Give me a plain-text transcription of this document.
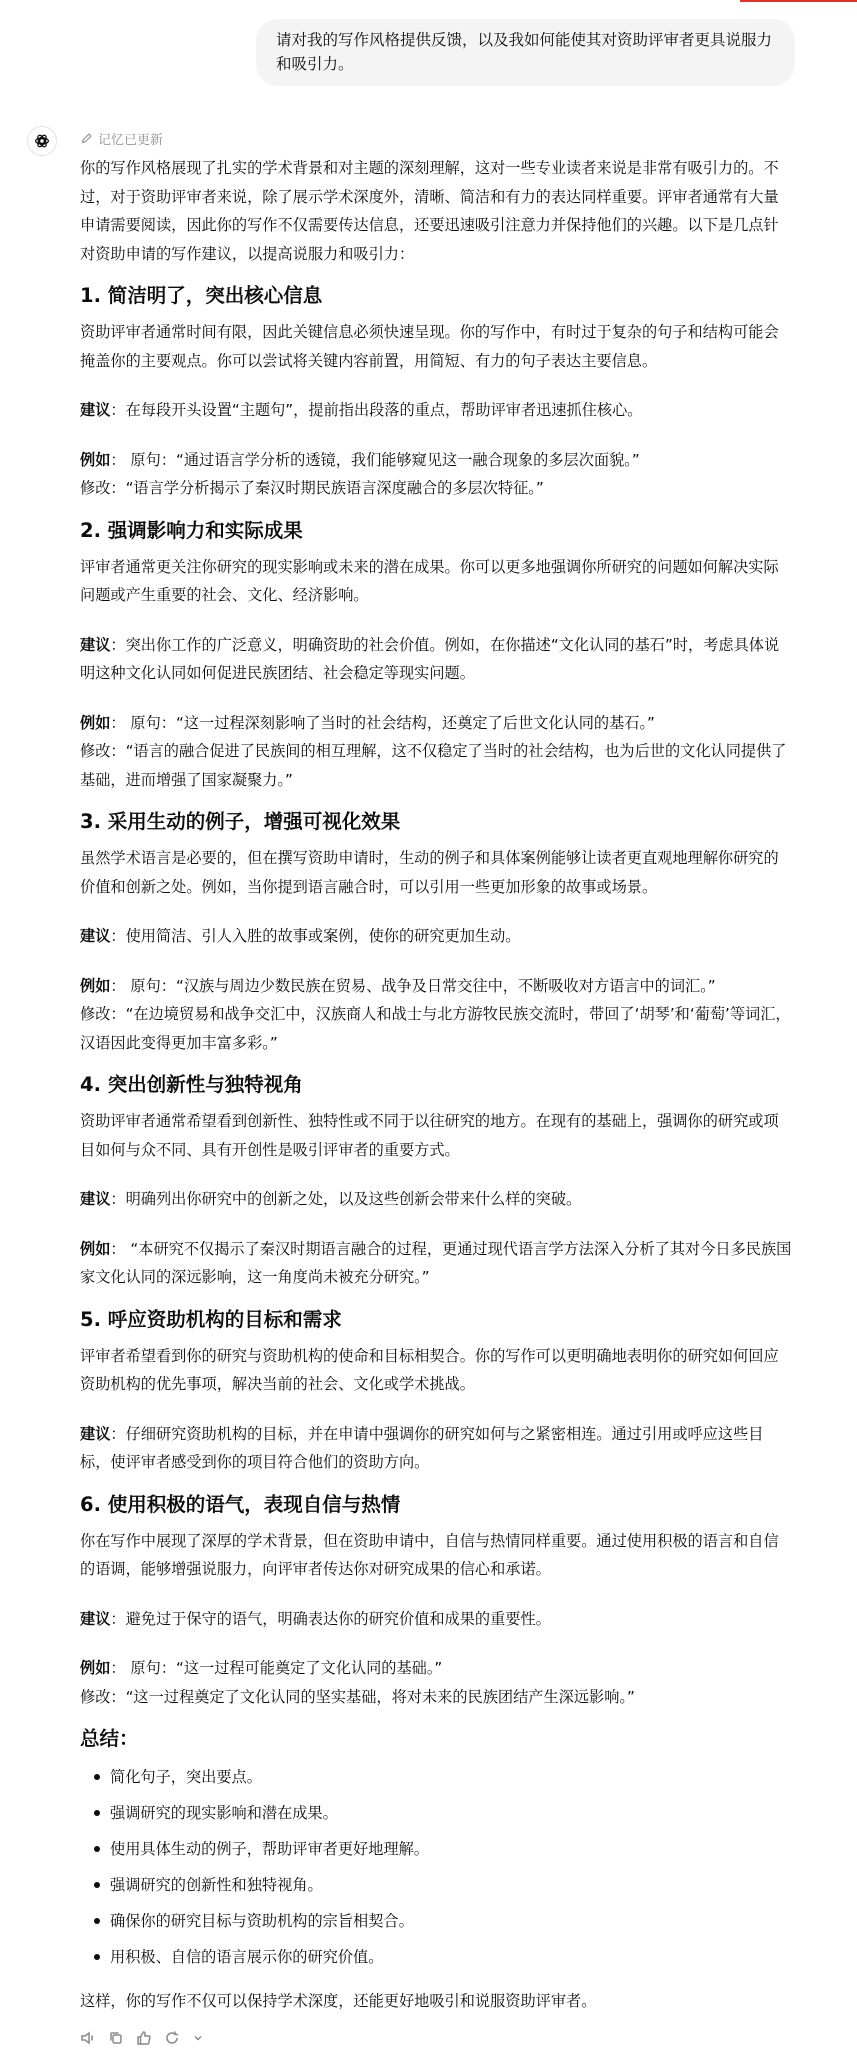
请对我的写作风格提供反馈，以及我如何能使其对资助评审者更具说服力和吸引力。
记忆已更新

你的写作风格展现了扎实的学术背景和对主题的深刻理解，这对一些专业读者来说是非常有吸引力的。不过，对于资助评审者来说，除了展示学术深度外，清晰、简洁和有力的表达同样重要。评审者通常有大量申请需要阅读，因此你的写作不仅需要传达信息，还要迅速吸引注意力并保持他们的兴趣。以下是几点针对资助申请的写作建议，以提高说服力和吸引力：

1. 简洁明了，突出核心信息

资助评审者通常时间有限，因此关键信息必须快速呈现。你的写作中，有时过于复杂的句子和结构可能会掩盖你的主要观点。你可以尝试将关键内容前置，用简短、有力的句子表达主要信息。

建议：在每段开头设置“主题句”，提前指出段落的重点，帮助评审者迅速抓住核心。

例如： 原句：“通过语言学分析的透镜，我们能够窥见这一融合现象的多层次面貌。”

修改：“语言学分析揭示了秦汉时期民族语言深度融合的多层次特征。”

2. 强调影响力和实际成果

评审者通常更关注你研究的现实影响或未来的潜在成果。你可以更多地强调你所研究的问题如何解决实际问题或产生重要的社会、文化、经济影响。

建议：突出你工作的广泛意义，明确资助的社会价值。例如，在你描述“文化认同的基石”时，考虑具体说明这种文化认同如何促进民族团结、社会稳定等现实问题。

例如： 原句：“这一过程深刻影响了当时的社会结构，还奠定了后世文化认同的基石。”

修改：“语言的融合促进了民族间的相互理解，这不仅稳定了当时的社会结构，也为后世的文化认同提供了基础，进而增强了国家凝聚力。”

3. 采用生动的例子，增强可视化效果

虽然学术语言是必要的，但在撰写资助申请时，生动的例子和具体案例能够让读者更直观地理解你研究的价值和创新之处。例如，当你提到语言融合时，可以引用一些更加形象的故事或场景。

建议：使用简洁、引人入胜的故事或案例，使你的研究更加生动。

例如： 原句：“汉族与周边少数民族在贸易、战争及日常交往中，不断吸收对方语言中的词汇。”

修改：“在边境贸易和战争交汇中，汉族商人和战士与北方游牧民族交流时，带回了‘胡琴’和‘葡萄’等词汇，汉语因此变得更加丰富多彩。”

4. 突出创新性与独特视角

资助评审者通常希望看到创新性、独特性或不同于以往研究的地方。在现有的基础上，强调你的研究或项目如何与众不同、具有开创性是吸引评审者的重要方式。

建议：明确列出你研究中的创新之处，以及这些创新会带来什么样的突破。

例如： “本研究不仅揭示了秦汉时期语言融合的过程，更通过现代语言学方法深入分析了其对今日多民族国家文化认同的深远影响，这一角度尚未被充分研究。”

5. 呼应资助机构的目标和需求

评审者希望看到你的研究与资助机构的使命和目标相契合。你的写作可以更明确地表明你的研究如何回应资助机构的优先事项，解决当前的社会、文化或学术挑战。

建议：仔细研究资助机构的目标，并在申请中强调你的研究如何与之紧密相连。通过引用或呼应这些目标，使评审者感受到你的项目符合他们的资助方向。

6. 使用积极的语气，表现自信与热情

你在写作中展现了深厚的学术背景，但在资助申请中，自信与热情同样重要。通过使用积极的语言和自信的语调，能够增强说服力，向评审者传达你对研究成果的信心和承诺。

建议：避免过于保守的语气，明确表达你的研究价值和成果的重要性。

例如： 原句：“这一过程可能奠定了文化认同的基础。”

修改：“这一过程奠定了文化认同的坚实基础，将对未来的民族团结产生深远影响。”

总结：
简化句子，突出要点。
强调研究的现实影响和潜在成果。
使用具体生动的例子，帮助评审者更好地理解。
强调研究的创新性和独特视角。
确保你的研究目标与资助机构的宗旨相契合。
用积极、自信的语言展示你的研究价值。

这样，你的写作不仅可以保持学术深度，还能更好地吸引和说服资助评审者。
